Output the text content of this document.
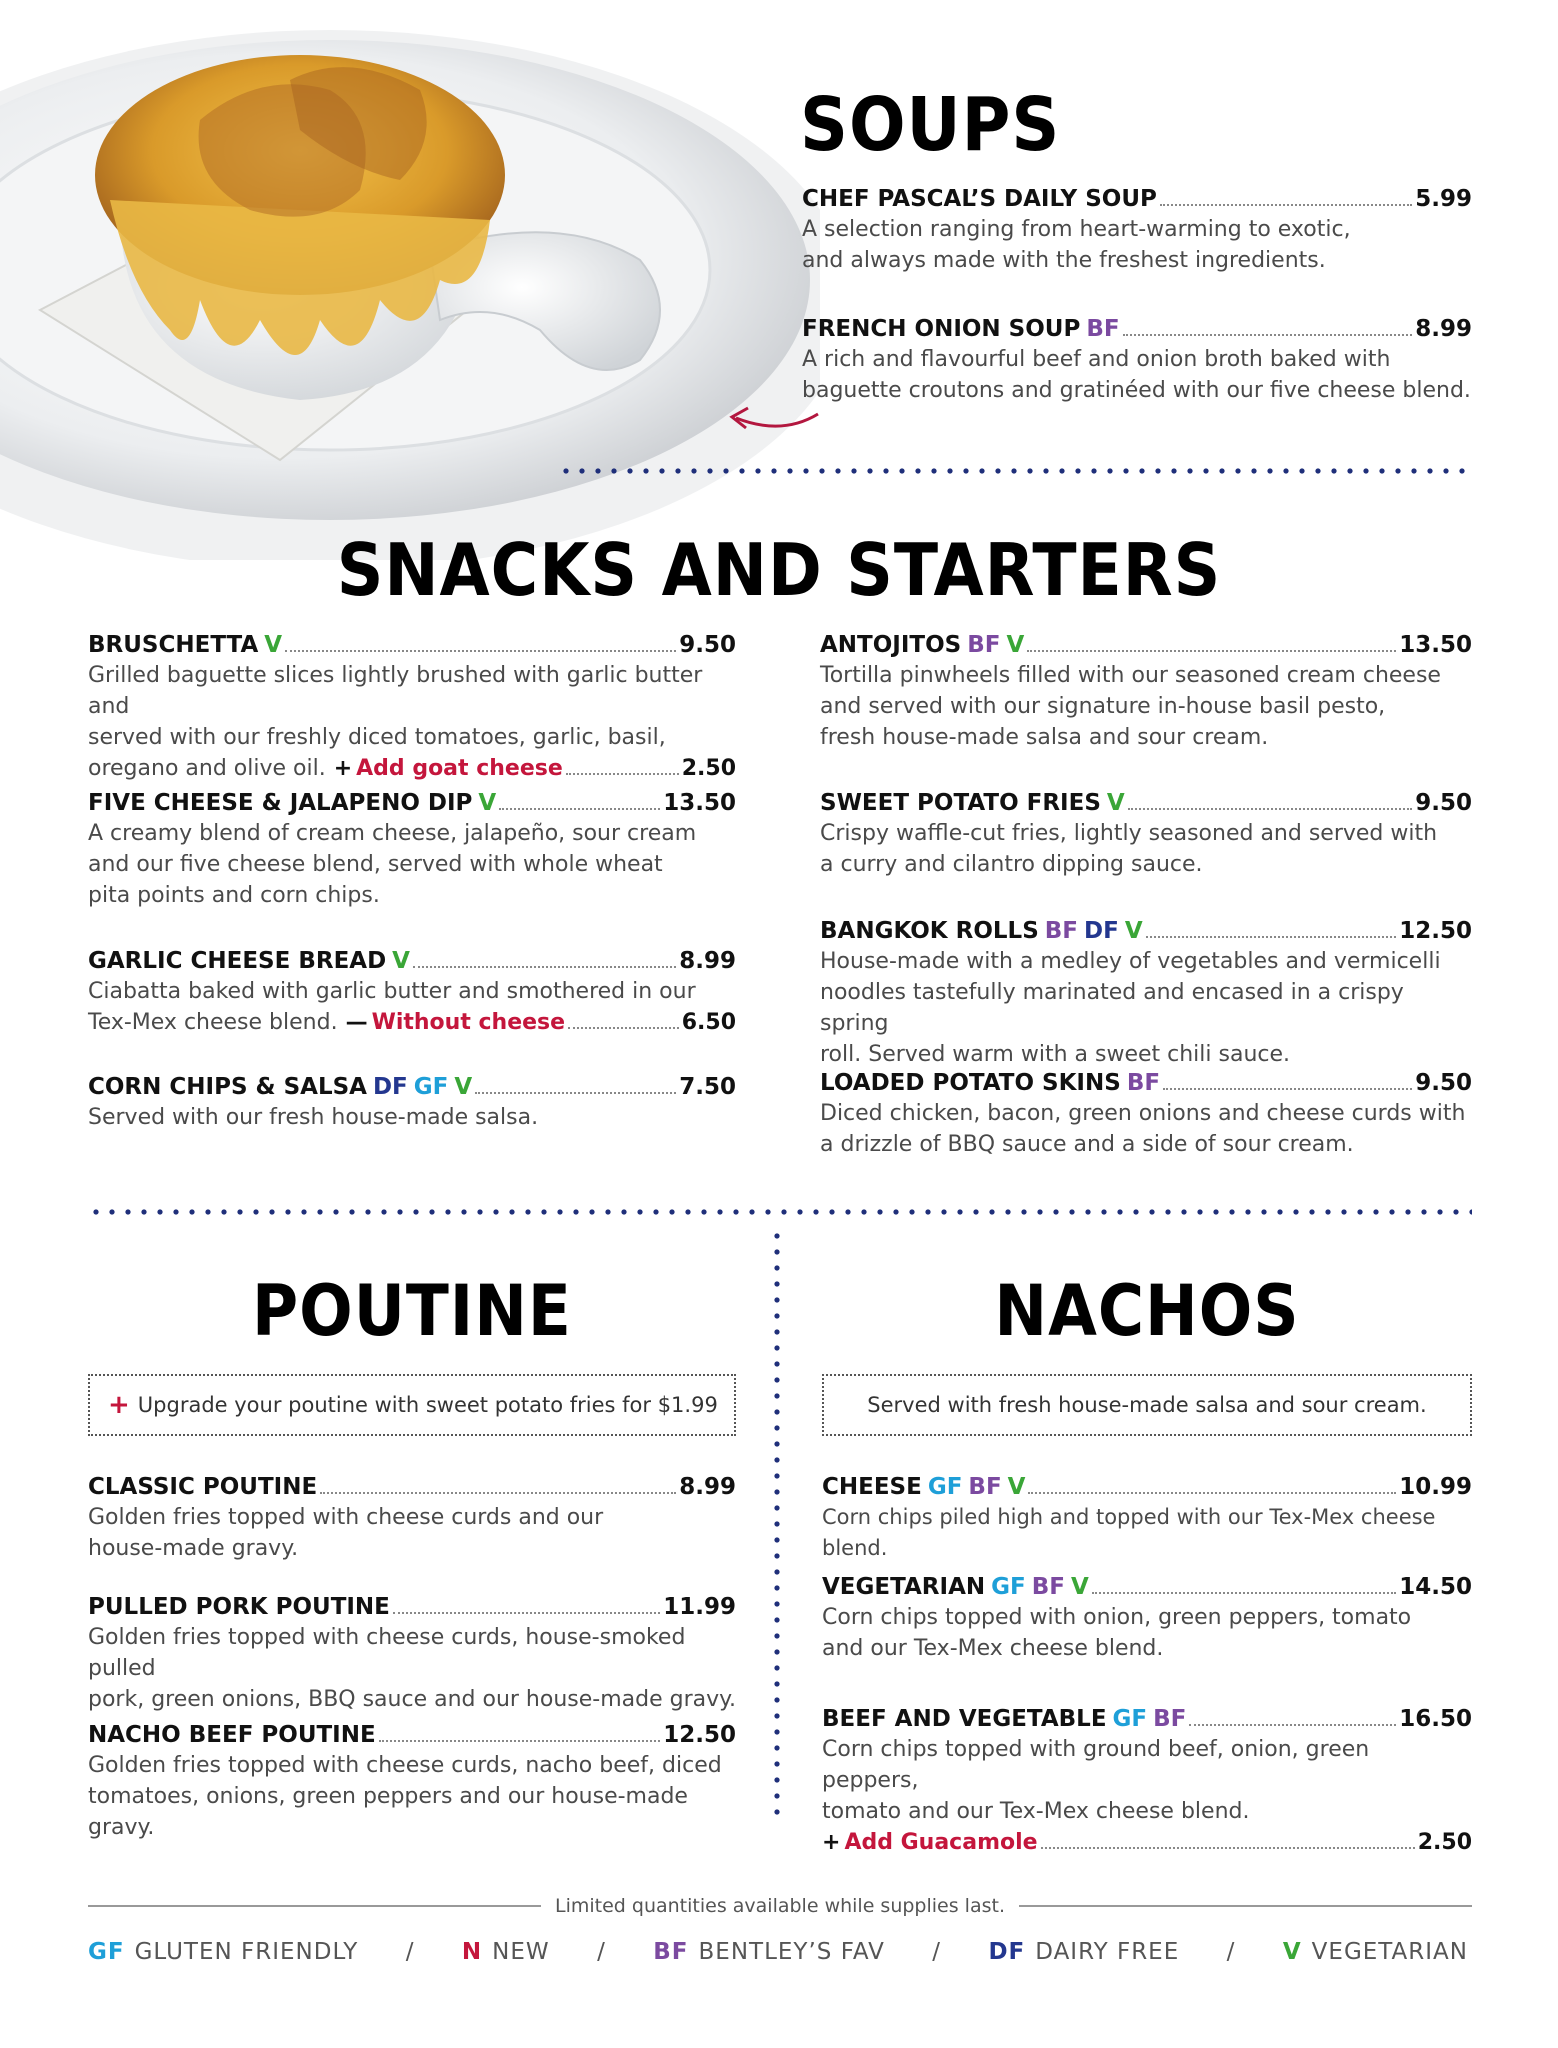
SOUPS
CHEF PASCAL’S DAILY SOUP	5.99
A selection ranging from heart-warming to exotic,
and always made with the freshest ingredients.
FRENCH ONION SOUP BF	8.99
A rich and flavourful beef and onion broth baked with
baguette croutons and gratinéed with our five cheese blend.
SNACKS AND STARTERS
BRUSCHETTA V	9.50
Grilled baguette slices lightly brushed with garlic butter and
served with our freshly diced tomatoes, garlic, basil,
oregano and olive oil. + Add goat cheese	2.50
FIVE CHEESE & JALAPENO DIP V	13.50
A creamy blend of cream cheese, jalapeño, sour cream
and our five cheese blend, served with whole wheat
pita points and corn chips.
GARLIC CHEESE BREAD V	8.99
Ciabatta baked with garlic butter and smothered in our
Tex-Mex cheese blend. — Without cheese	6.50
CORN CHIPS & SALSA DF GF V	7.50
Served with our fresh house-made salsa.
ANTOJITOS BF V	13.50
Tortilla pinwheels filled with our seasoned cream cheese
and served with our signature in-house basil pesto,
fresh house-made salsa and sour cream.
SWEET POTATO FRIES V	9.50
Crispy waffle-cut fries, lightly seasoned and served with
a curry and cilantro dipping sauce.
BANGKOK ROLLS BF DF V	12.50
House-made with a medley of vegetables and vermicelli
noodles tastefully marinated and encased in a crispy spring
roll. Served warm with a sweet chili sauce.
LOADED POTATO SKINS BF	9.50
Diced chicken, bacon, green onions and cheese curds with
a drizzle of BBQ sauce and a side of sour cream.
POUTINE
+ Upgrade your poutine with sweet potato fries for $1.99
CLASSIC POUTINE	8.99
Golden fries topped with cheese curds and our
house-made gravy.
PULLED PORK POUTINE	11.99
Golden fries topped with cheese curds, house-smoked pulled
pork, green onions, BBQ sauce and our house-made gravy.
NACHO BEEF POUTINE	12.50
Golden fries topped with cheese curds, nacho beef, diced
tomatoes, onions, green peppers and our house-made gravy.
NACHOS
Served with fresh house-made salsa and sour cream.
CHEESE GF BF V	10.99
Corn chips piled high and topped with our Tex-Mex cheese blend.
VEGETARIAN GF BF V	14.50
Corn chips topped with onion, green peppers, tomato
and our Tex-Mex cheese blend.
BEEF AND VEGETABLE GF BF	16.50
Corn chips topped with ground beef, onion, green peppers,
tomato and our Tex-Mex cheese blend.
+ Add Guacamole	2.50
Limited quantities available while supplies last.
GF GLUTEN FRIENDLY / N NEW / BF BENTLEY’S FAV / DF DAIRY FREE / V VEGETARIAN
